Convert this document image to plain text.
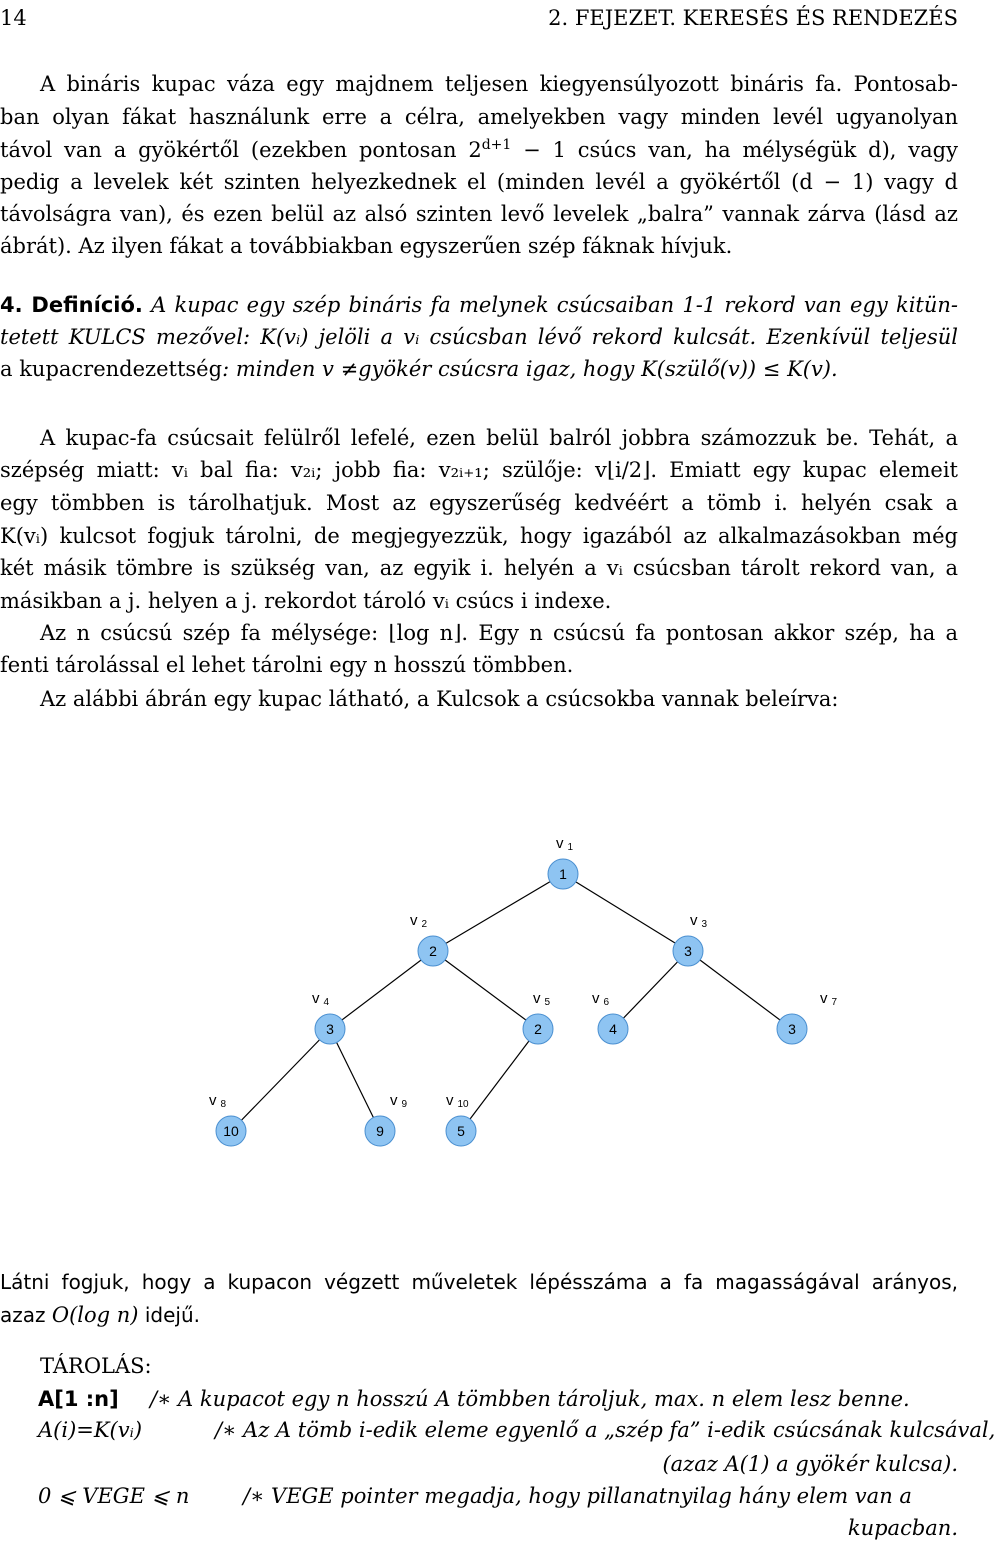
14	2. FEJEZET. KERESÉS ÉS RENDEZÉS
A bináris kupac váza egy majdnem teljesen kiegyensúlyozott bináris fa. Pontosab-
ban olyan fákat használunk erre a célra, amelyekben vagy minden levél ugyanolyan
távol van a gyökértől (ezekben pontosan $2^{d+1} - 1$ csúcs van, ha mélységük d), vagy
pedig a levelek két szinten helyezkednek el (minden levél a gyökértől (d − 1) vagy d
távolságra van), és ezen belül az alsó szinten levő levelek „balra” vannak zárva (lásd az
ábrát). Az ilyen fákat a továbbiakban egyszerűen szép fáknak hívjuk.
4. Definíció. A kupac egy szép bináris fa melynek csúcsaiban 1-1 rekord van egy kitün-
tetett KULCS mezővel: K(vᵢ) jelöli a vᵢ csúcsban lévő rekord kulcsát. Ezenkívül teljesül
a kupacrendezettség: minden v ≠gyökér csúcsra igaz, hogy K(szülő(v)) ≤ K(v).
A kupac-fa csúcsait felülről lefelé, ezen belül balról jobbra számozzuk be. Tehát, a
szépség miatt: vᵢ bal fia: v₂ᵢ; jobb fia: v₂ᵢ₊₁; szülője: v⌊i/2⌋. Emiatt egy kupac elemeit
egy tömbben is tárolhatjuk. Most az egyszerűség kedvéért a tömb i. helyén csak a
K(vᵢ) kulcsot fogjuk tárolni, de megjegyezzük, hogy igazából az alkalmazásokban még
két másik tömbre is szükség van, az egyik i. helyén a vᵢ csúcsban tárolt rekord van, a
másikban a j. helyen a j. rekordot tároló vᵢ csúcs i indexe.
Az n csúcsú szép fa mélysége: ⌊log n⌋. Egy n csúcsú fa pontosan akkor szép, ha a
fenti tárolással el lehet tárolni egy n hosszú tömbben.
Az alábbi ábrán egy kupac látható, a Kulcsok a csúcsokba vannak beleírva:
1
v 1
2
v 2
3
v 3
3
v 4
2
v 5
4
v 6
3
v 7
10
v 8
9
v 9
5
v 10
Látni fogjuk, hogy a kupacon végzett műveletek lépésszáma a fa magasságával arányos,
azaz O(log n) idejű.
TÁROLÁS:
A[1 :n]	/∗ A kupacot egy n hosszú A tömbben tároljuk, max. n elem lesz benne.
A(i)=K(vᵢ)	/∗ Az A tömb i-edik eleme egyenlő a „szép fa” i-edik csúcsának kulcsával,
(azaz A(1) a gyökér kulcsa).
0 ⩽ VEGE ⩽ n	/∗ VEGE pointer megadja, hogy pillanatnyilag hány elem van a
kupacban.
